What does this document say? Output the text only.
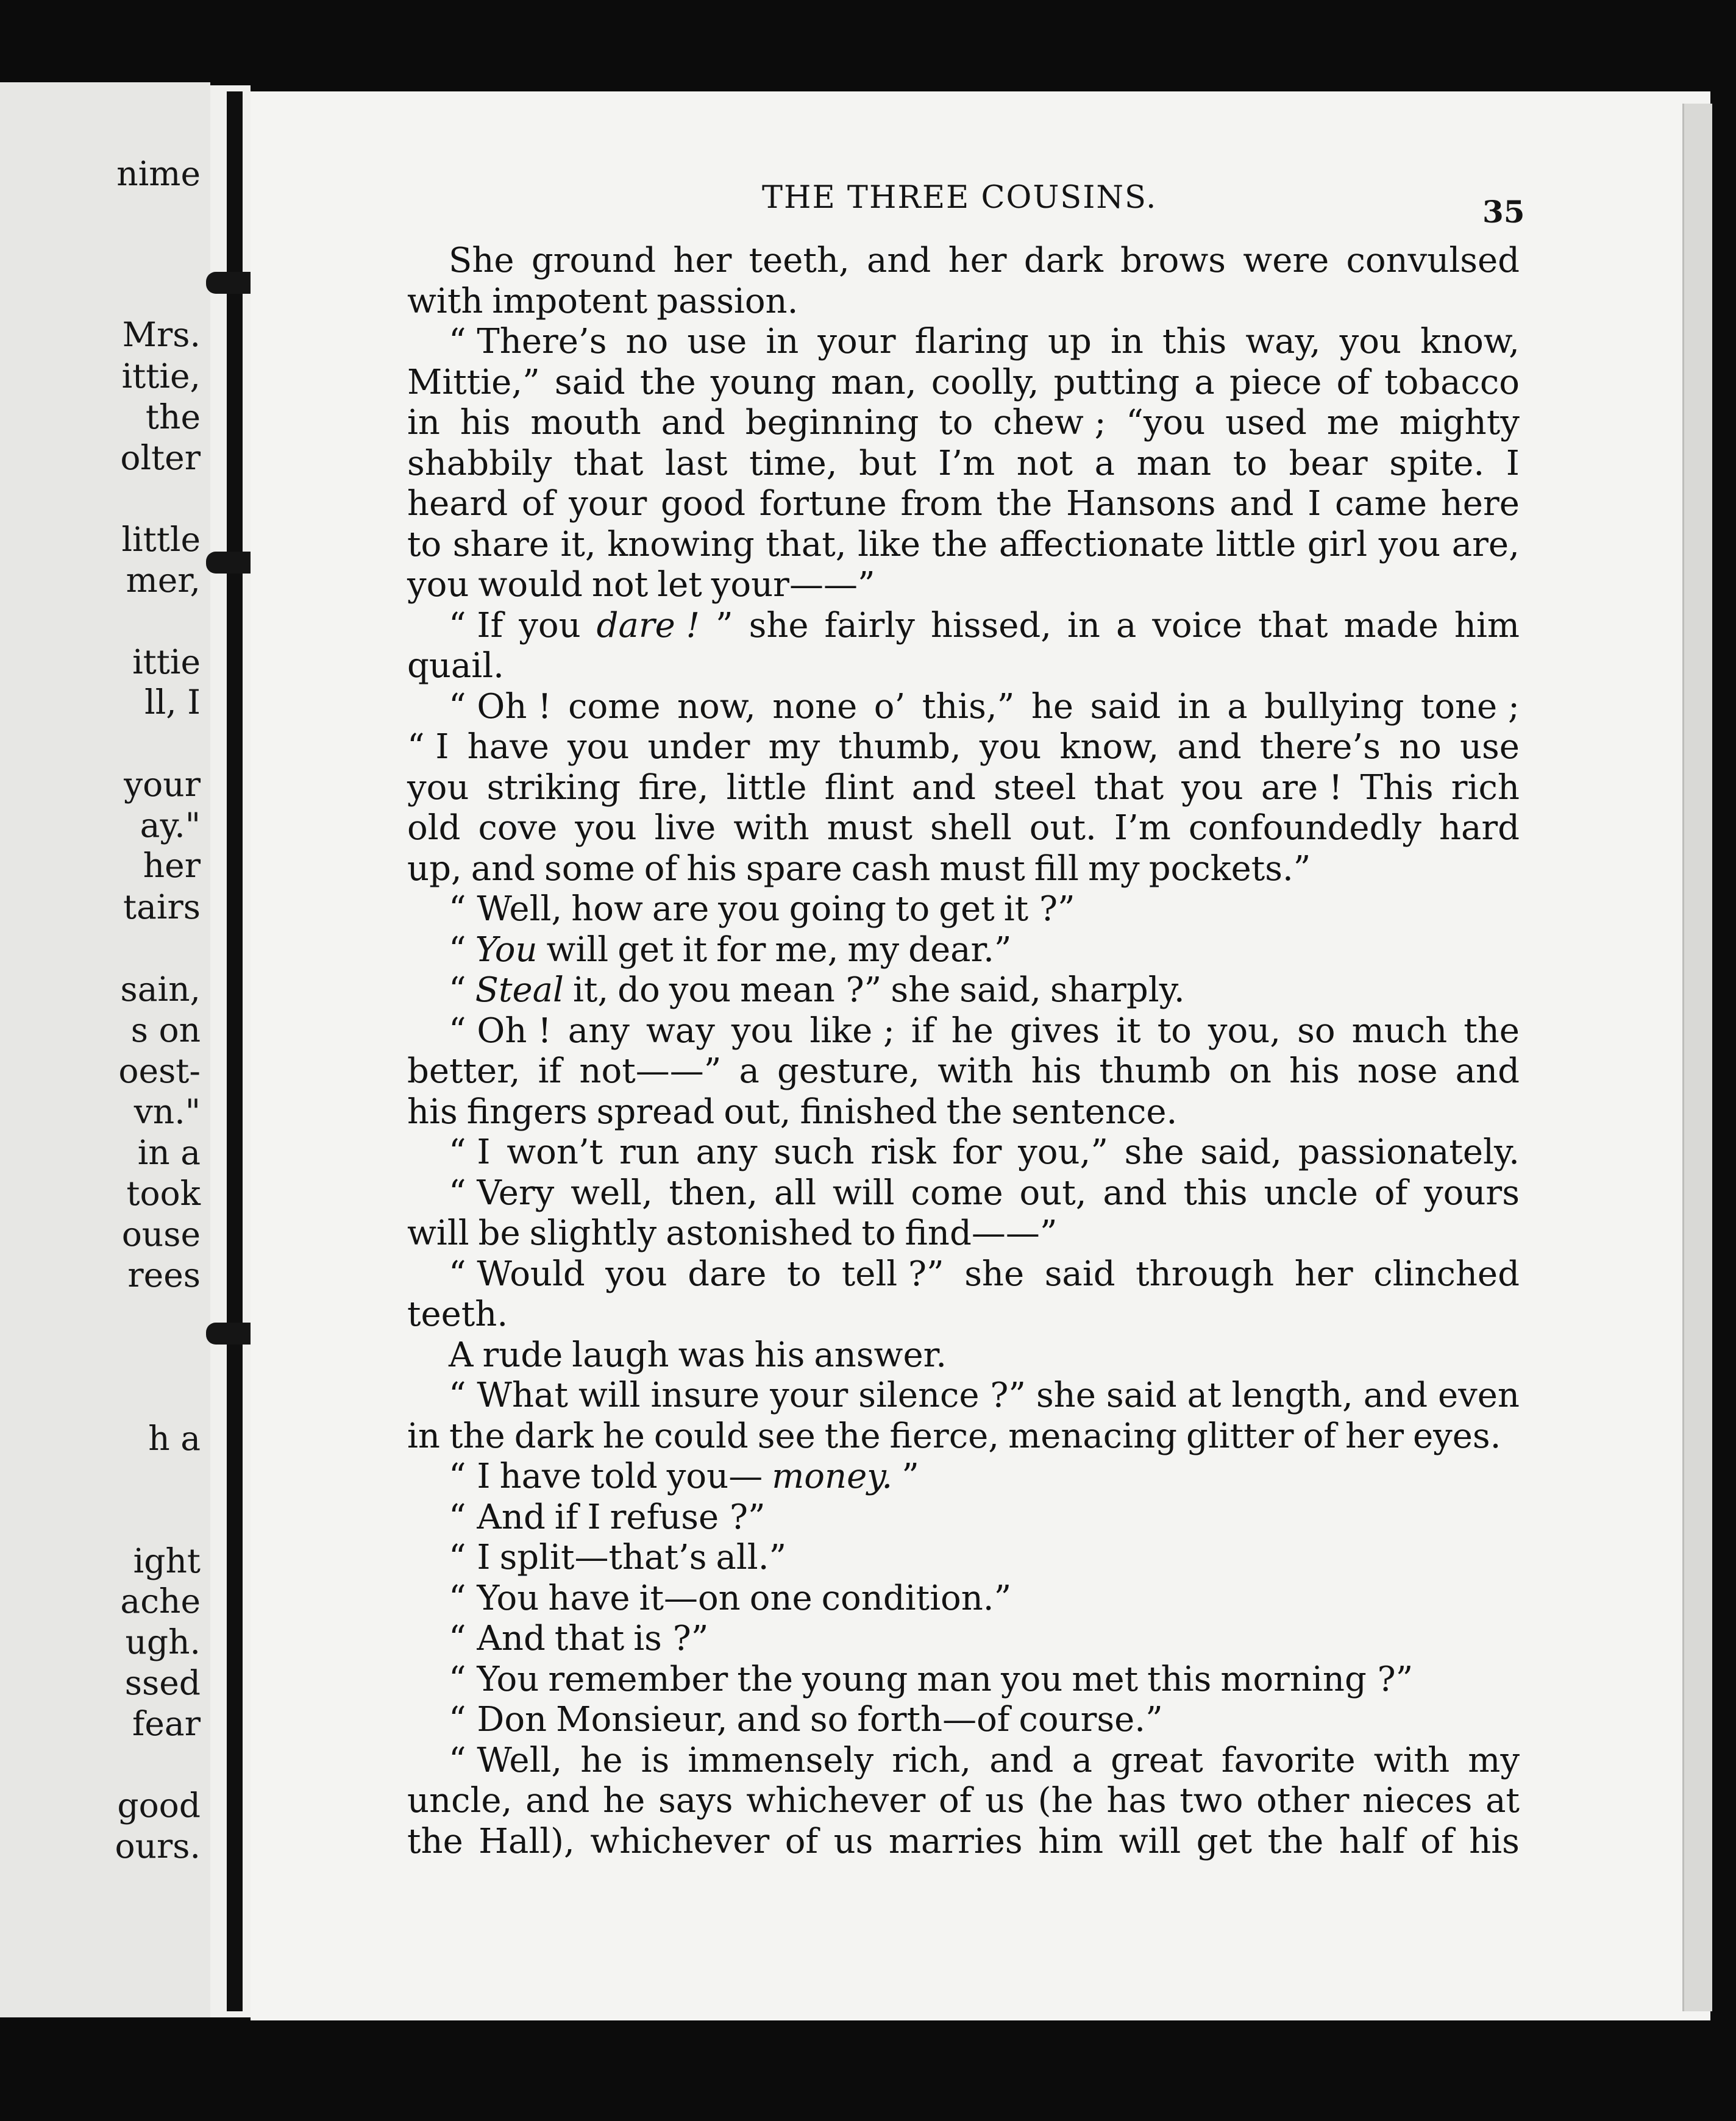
nime
Mrs.
ittie,
the
olter
little
mer,
ittie
ll, I
your
ay."
her
tairs
sain,
s on
oest-
vn."
in a
took
ouse
rees
h a
ight
ache
ugh.
ssed
fear
good
ours.
THE THREE COUSINS.	35
She ground her teeth, and her dark brows were convulsed
with impotent passion.
“ There’s no use in your flaring up in this way, you know,
Mittie,” said the young man, coolly, putting a piece of tobacco
in his mouth and beginning to chew ; “you used me mighty
shabbily that last time, but I’m not a man to bear spite. I
heard of your good fortune from the Hansons and I came here
to share it, knowing that, like the affectionate little girl you are,
you would not let your——”
“ If you dare ! ” she fairly hissed, in a voice that made him
quail.
“ Oh ! come now, none o’ this,” he said in a bullying tone ;
“ I have you under my thumb, you know, and there’s no use
you striking fire, little flint and steel that you are ! This rich
old cove you live with must shell out. I’m confoundedly hard
up, and some of his spare cash must fill my pockets.”
“ Well, how are you going to get it ?”
“ You will get it for me, my dear.”
“ Steal it, do you mean ?” she said, sharply.
“ Oh ! any way you like ; if he gives it to you, so much the
better, if not——” a gesture, with his thumb on his nose and
his fingers spread out, finished the sentence.
“ I won’t run any such risk for you,” she said, passionately.
“ Very well, then, all will come out, and this uncle of yours
will be slightly astonished to find——”
“ Would you dare to tell ?” she said through her clinched
teeth.
A rude laugh was his answer.
“ What will insure your silence ?” she said at length, and even
in the dark he could see the fierce, menacing glitter of her eyes.
“ I have told you— money. ”
“ And if I refuse ?”
“ I split—that’s all.”
“ You have it—on one condition.”
“ And that is ?”
“ You remember the young man you met this morning ?”
“ Don Monsieur, and so forth—of course.”
“ Well, he is immensely rich, and a great favorite with my
uncle, and he says whichever of us (he has two other nieces at
the Hall), whichever of us marries him will get the half of his
